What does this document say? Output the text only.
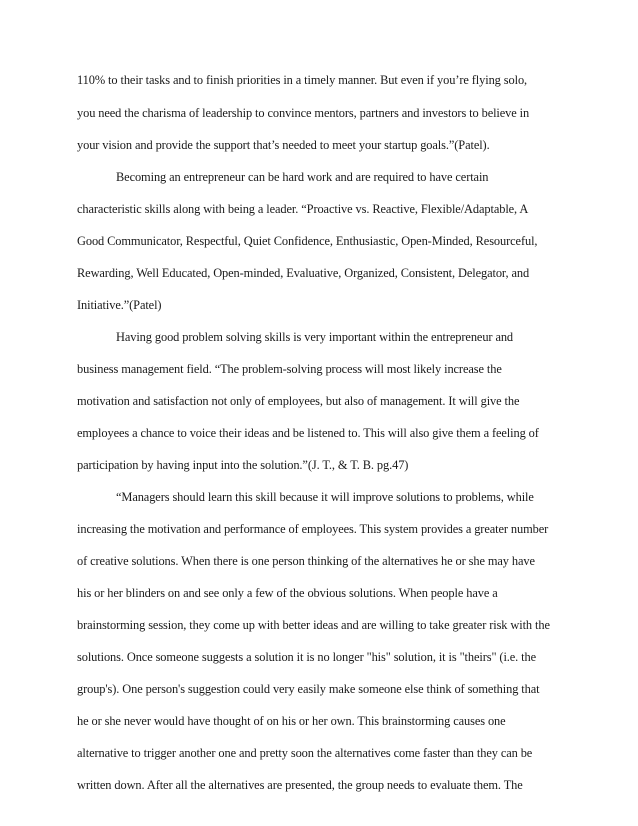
110% to their tasks and to finish priorities in a timely manner. But even if you’re flying solo,
you need the charisma of leadership to convince mentors, partners and investors to believe in
your vision and provide the support that’s needed to meet your startup goals.”(Patel).
Becoming an entrepreneur can be hard work and are required to have certain
characteristic skills along with being a leader. “Proactive vs. Reactive, Flexible/Adaptable, A
Good Communicator, Respectful, Quiet Confidence, Enthusiastic, Open-Minded, Resourceful,
Rewarding, Well Educated, Open-minded, Evaluative, Organized, Consistent, Delegator, and
Initiative.”(Patel)
Having good problem solving skills is very important within the entrepreneur and
business management field. “The problem-solving process will most likely increase the
motivation and satisfaction not only of employees, but also of management. It will give the
employees a chance to voice their ideas and be listened to. This will also give them a feeling of
participation by having input into the solution.”(J. T., & T. B. pg.47)
“Managers should learn this skill because it will improve solutions to problems, while
increasing the motivation and performance of employees. This system provides a greater number
of creative solutions. When there is one person thinking of the alternatives he or she may have
his or her blinders on and see only a few of the obvious solutions. When people have a
brainstorming session, they come up with better ideas and are willing to take greater risk with the
solutions. Once someone suggests a solution it is no longer "his" solution, it is "theirs" (i.e. the
group's). One person's suggestion could very easily make someone else think of something that
he or she never would have thought of on his or her own. This brainstorming causes one
alternative to trigger another one and pretty soon the alternatives come faster than they can be
written down. After all the alternatives are presented, the group needs to evaluate them. The
